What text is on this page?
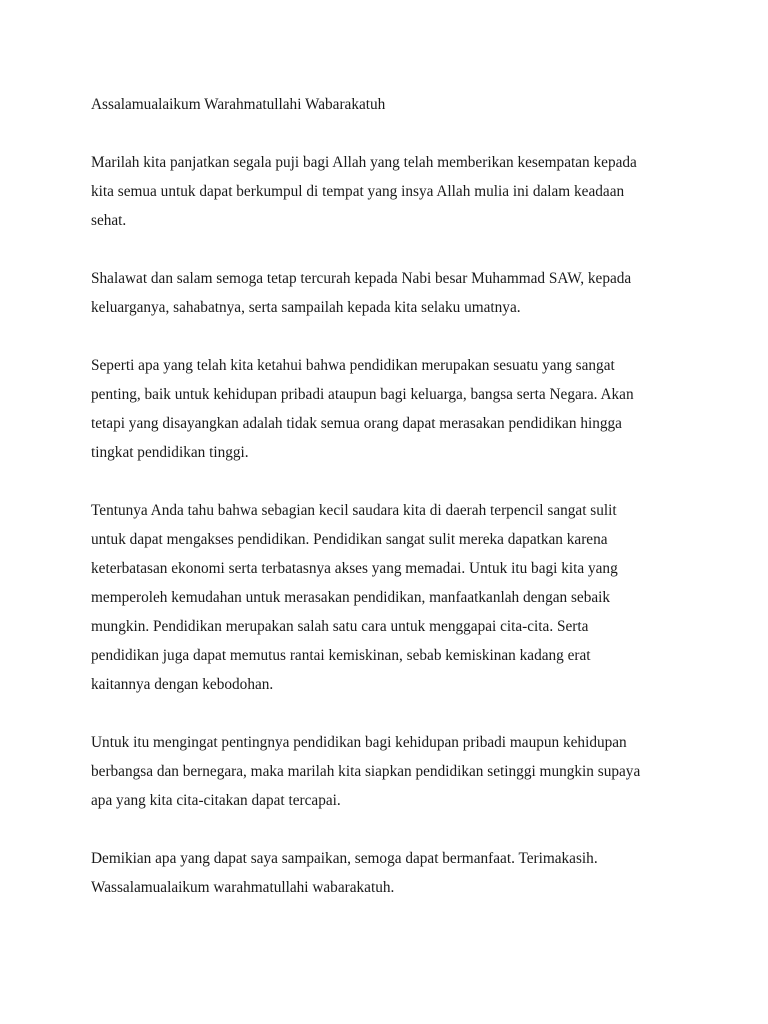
Assalamualaikum Warahmatullahi Wabarakatuh

Marilah kita panjatkan segala puji bagi Allah yang telah memberikan kesempatan kepada
kita semua untuk dapat berkumpul di tempat yang insya Allah mulia ini dalam keadaan
sehat.

Shalawat dan salam semoga tetap tercurah kepada Nabi besar Muhammad SAW, kepada
keluarganya, sahabatnya, serta sampailah kepada kita selaku umatnya.

Seperti apa yang telah kita ketahui bahwa pendidikan merupakan sesuatu yang sangat
penting, baik untuk kehidupan pribadi ataupun bagi keluarga, bangsa serta Negara. Akan
tetapi yang disayangkan adalah tidak semua orang dapat merasakan pendidikan hingga
tingkat pendidikan tinggi.

Tentunya Anda tahu bahwa sebagian kecil saudara kita di daerah terpencil sangat sulit
untuk dapat mengakses pendidikan. Pendidikan sangat sulit mereka dapatkan karena
keterbatasan ekonomi serta terbatasnya akses yang memadai. Untuk itu bagi kita yang
memperoleh kemudahan untuk merasakan pendidikan, manfaatkanlah dengan sebaik
mungkin. Pendidikan merupakan salah satu cara untuk menggapai cita-cita. Serta
pendidikan juga dapat memutus rantai kemiskinan, sebab kemiskinan kadang erat
kaitannya dengan kebodohan.

Untuk itu mengingat pentingnya pendidikan bagi kehidupan pribadi maupun kehidupan
berbangsa dan bernegara, maka marilah kita siapkan pendidikan setinggi mungkin supaya
apa yang kita cita-citakan dapat tercapai.

Demikian apa yang dapat saya sampaikan, semoga dapat bermanfaat. Terimakasih.
Wassalamualaikum warahmatullahi wabarakatuh.
